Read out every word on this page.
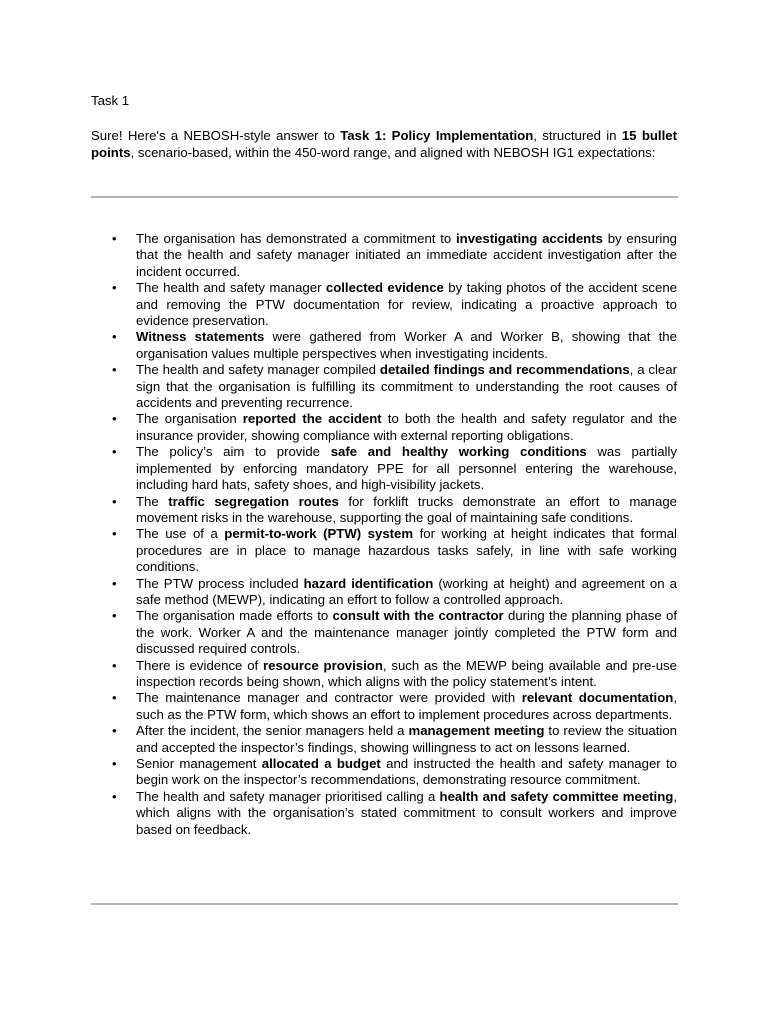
Task 1

Sure! Here's a NEBOSH-style answer to Task 1: Policy Implementation, structured in 15 bullet points, scenario-based, within the 450-word range, and aligned with NEBOSH IG1 expectations:

• The organisation has demonstrated a commitment to investigating accidents by ensuring that the health and safety manager initiated an immediate accident investigation after the incident occurred.
• The health and safety manager collected evidence by taking photos of the accident scene and removing the PTW documentation for review, indicating a proactive approach to evidence preservation.
• Witness statements were gathered from Worker A and Worker B, showing that the organisation values multiple perspectives when investigating incidents.
• The health and safety manager compiled detailed findings and recommendations, a clear sign that the organisation is fulfilling its commitment to understanding the root causes of accidents and preventing recurrence.
• The organisation reported the accident to both the health and safety regulator and the insurance provider, showing compliance with external reporting obligations.
• The policy’s aim to provide safe and healthy working conditions was partially implemented by enforcing mandatory PPE for all personnel entering the warehouse, including hard hats, safety shoes, and high-visibility jackets.
• The traffic segregation routes for forklift trucks demonstrate an effort to manage movement risks in the warehouse, supporting the goal of maintaining safe conditions.
• The use of a permit-to-work (PTW) system for working at height indicates that formal procedures are in place to manage hazardous tasks safely, in line with safe working conditions.
• The PTW process included hazard identification (working at height) and agreement on a safe method (MEWP), indicating an effort to follow a controlled approach.
• The organisation made efforts to consult with the contractor during the planning phase of the work. Worker A and the maintenance manager jointly completed the PTW form and discussed required controls.
• There is evidence of resource provision, such as the MEWP being available and pre-use inspection records being shown, which aligns with the policy statement’s intent.
• The maintenance manager and contractor were provided with relevant documentation, such as the PTW form, which shows an effort to implement procedures across departments.
• After the incident, the senior managers held a management meeting to review the situation and accepted the inspector’s findings, showing willingness to act on lessons learned.
• Senior management allocated a budget and instructed the health and safety manager to begin work on the inspector’s recommendations, demonstrating resource commitment.
• The health and safety manager prioritised calling a health and safety committee meeting, which aligns with the organisation’s stated commitment to consult workers and improve based on feedback.
